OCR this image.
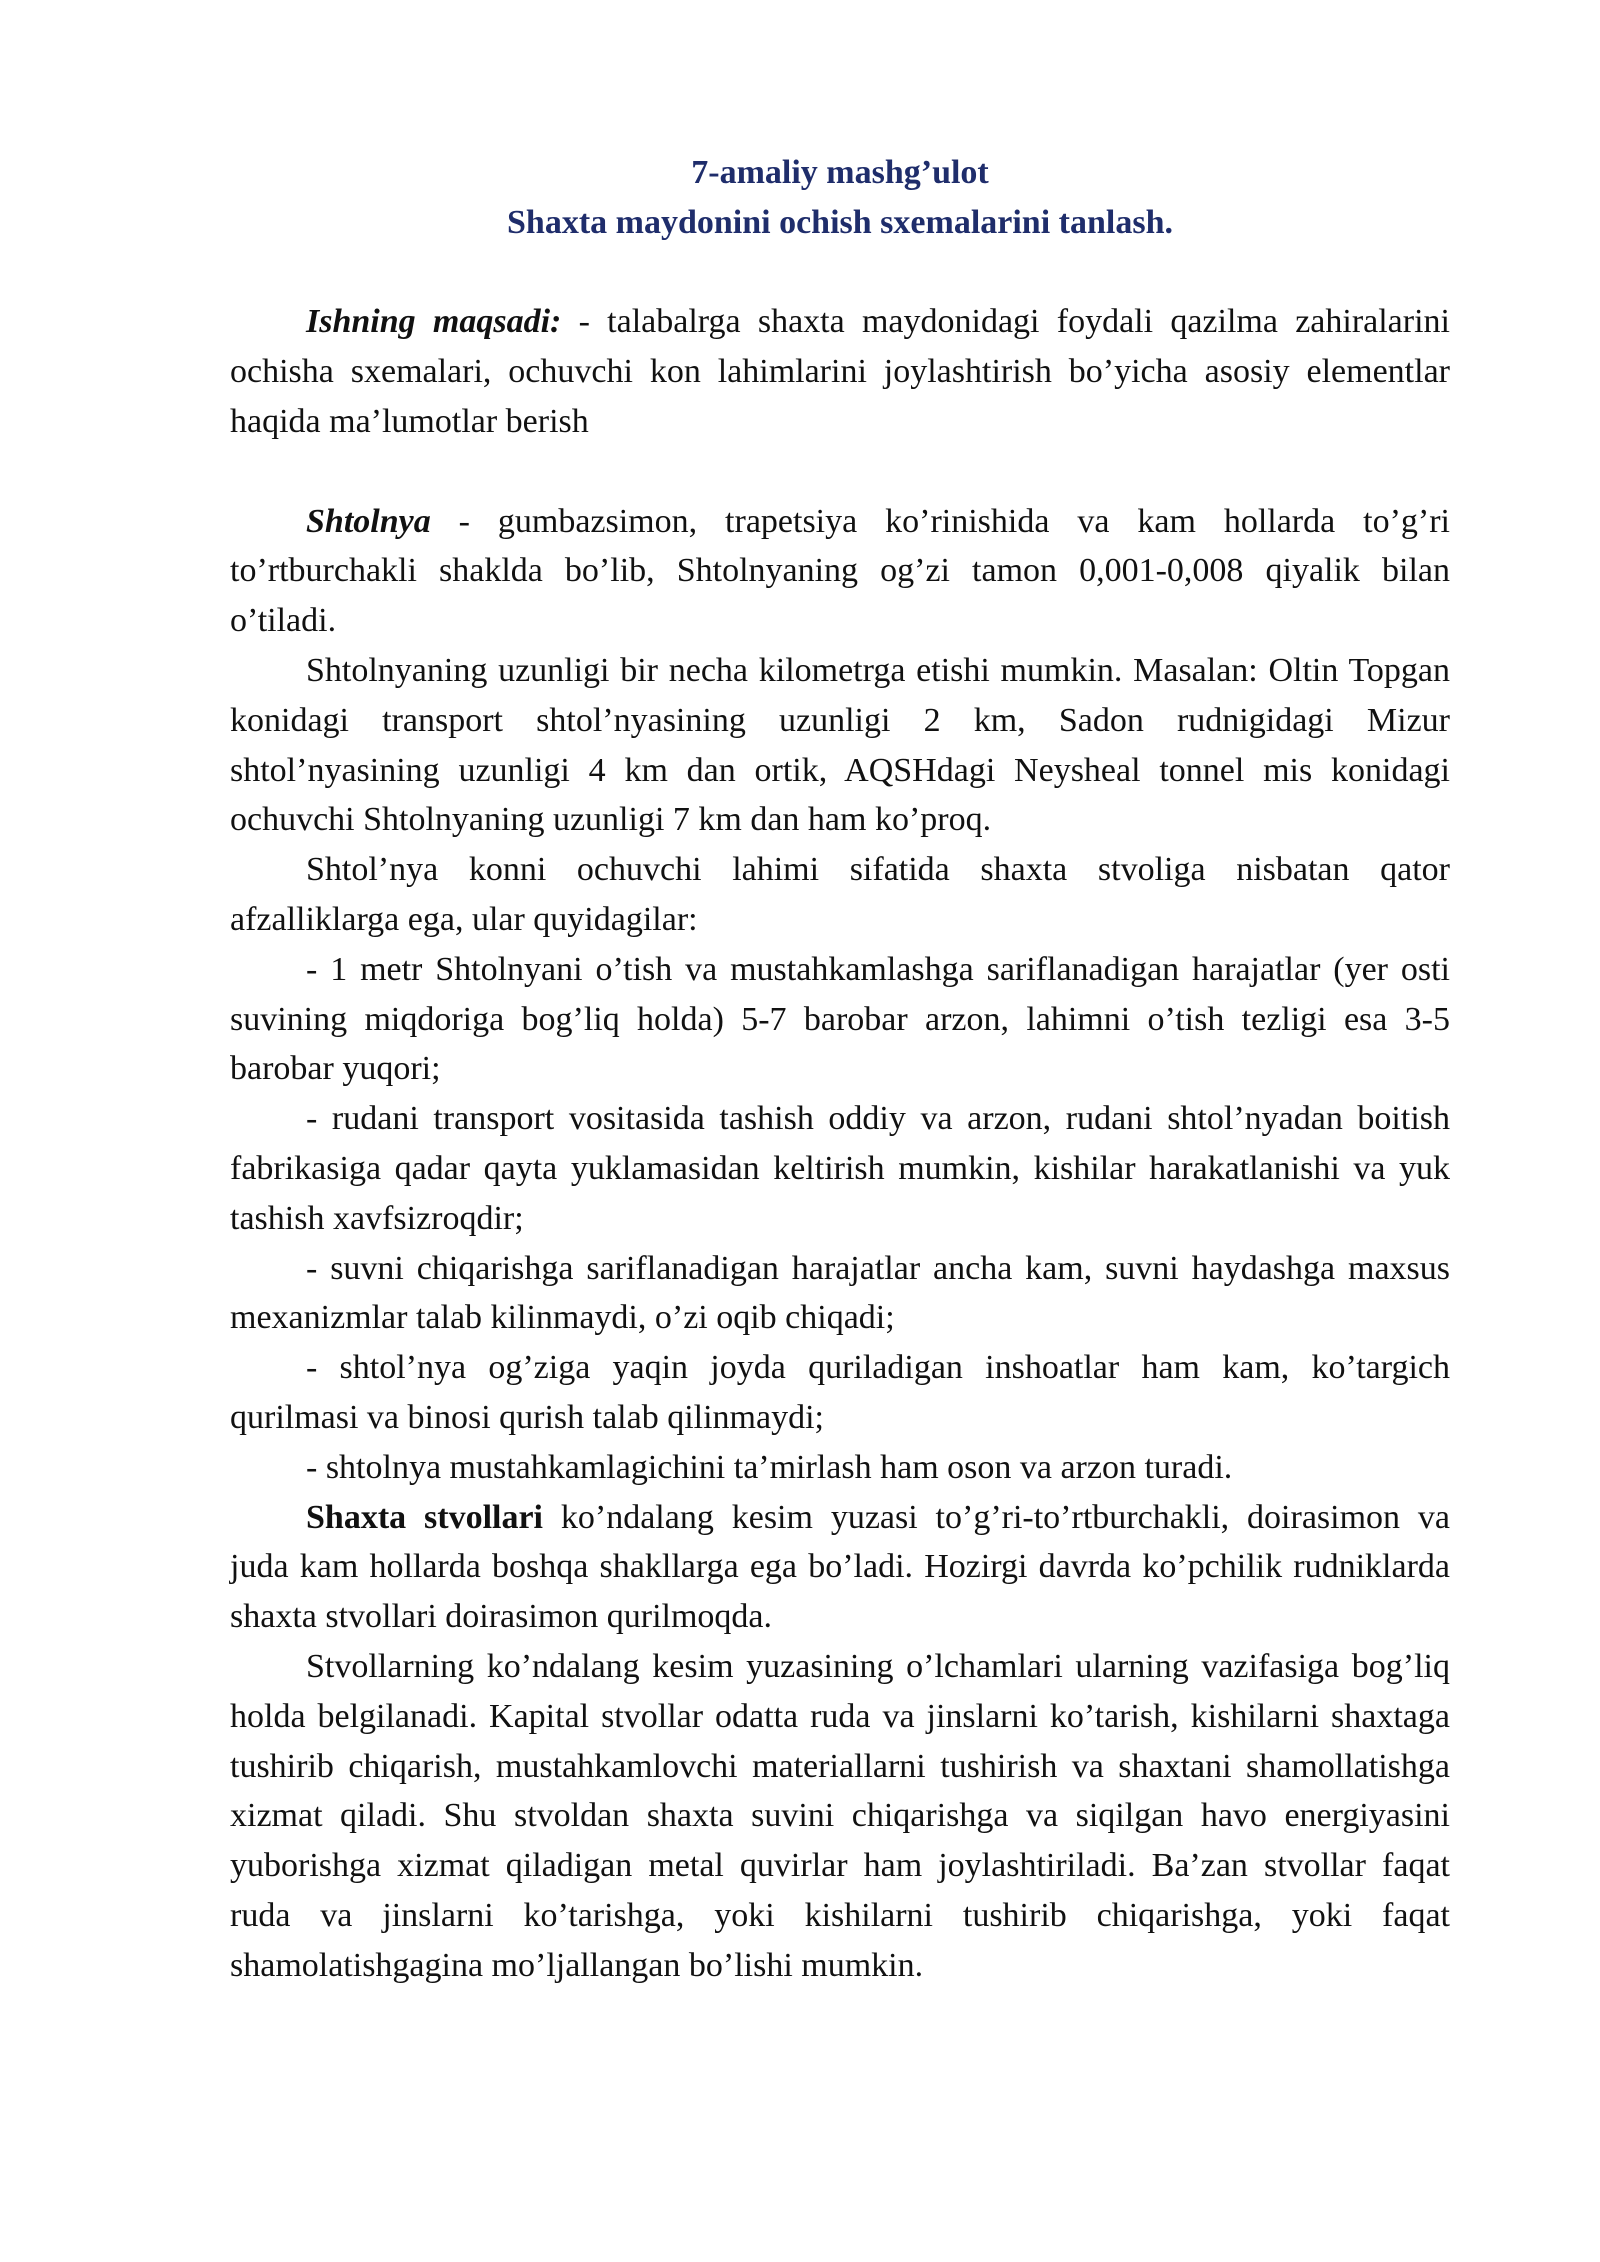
7-amaliy mashg’ulot

Shaxta maydonini ochish sxemalarini tanlash.

Ishning maqsadi: - talabalrga shaxta maydonidagi foydali qazilma zahiralarini ochisha sxemalari, ochuvchi kon lahimlarini joylashtirish bo’yicha asosiy elementlar haqida ma’lumotlar berish

Shtolnya - gumbazsimon, trapetsiya ko’rinishida va kam hollarda to’g’ri to’rtburchakli shaklda bo’lib, Shtolnyaning og’zi tamon 0,001-0,008 qiyalik bilan o’tiladi.

Shtolnyaning uzunligi bir necha kilometrga etishi mumkin. Masalan: Oltin Topgan konidagi transport shtol’nyasining uzunligi 2 km, Sadon rudnigidagi Mizur shtol’nyasining uzunligi 4 km dan ortik, AQSHdagi Neysheal tonnel mis konidagi ochuvchi Shtolnyaning uzunligi 7 km dan ham ko’proq.

Shtol’nya konni ochuvchi lahimi sifatida shaxta stvoliga nisbatan qator afzalliklarga ega, ular quyidagilar:

- 1 metr Shtolnyani o’tish va mustahkamlashga sariflanadigan harajatlar (yer osti suvining miqdoriga bog’liq holda) 5-7 barobar arzon, lahimni o’tish tezligi esa 3-5 barobar yuqori;

- rudani transport vositasida tashish oddiy va arzon, rudani shtol’nyadan boitish fabrikasiga qadar qayta yuklamasidan keltirish mumkin, kishilar harakatlanishi va yuk tashish xavfsizroqdir;

- suvni chiqarishga sariflanadigan harajatlar ancha kam, suvni haydashga maxsus mexanizmlar talab kilinmaydi, o’zi oqib chiqadi;

- shtol’nya og’ziga yaqin joyda quriladigan inshoatlar ham kam, ko’targich qurilmasi va binosi qurish talab qilinmaydi;

- shtolnya mustahkamlagichini ta’mirlash ham oson va arzon turadi.

Shaxta stvollari ko’ndalang kesim yuzasi to’g’ri-to’rtburchakli, doirasimon va juda kam hollarda boshqa shakllarga ega bo’ladi. Hozirgi davrda ko’pchilik rudniklarda shaxta stvollari doirasimon qurilmoqda.

Stvollarning ko’ndalang kesim yuzasining o’lchamlari ularning vazifasiga bog’liq holda belgilanadi. Kapital stvollar odatta ruda va jinslarni ko’tarish, kishilarni shaxtaga tushirib chiqarish, mustahkamlovchi materiallarni tushirish va shaxtani shamollatishga xizmat qiladi. Shu stvoldan shaxta suvini chiqarishga va siqilgan havo energiyasini yuborishga xizmat qiladigan metal quvirlar ham joylashtiriladi. Ba’zan stvollar faqat ruda va jinslarni ko’tarishga, yoki kishilarni tushirib chiqarishga, yoki faqat shamolatishgagina mo’ljallangan bo’lishi mumkin.
